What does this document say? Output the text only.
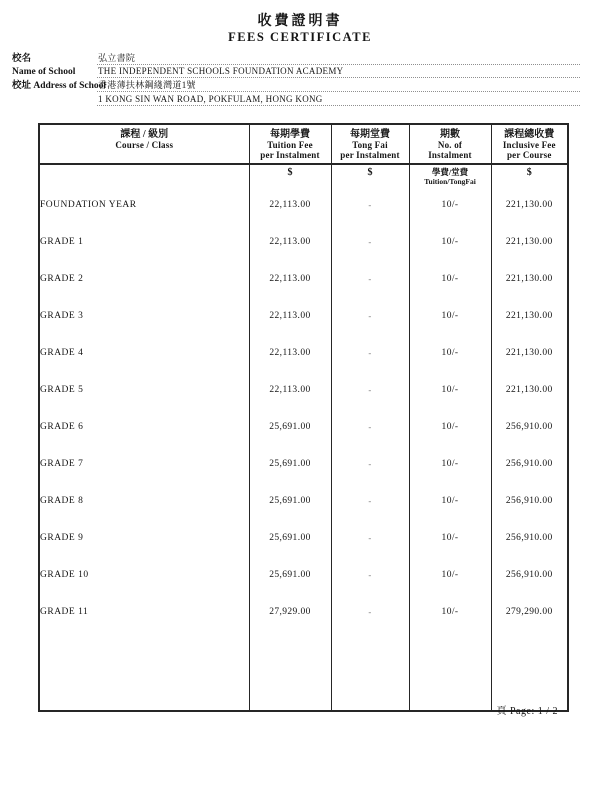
收費證明書
FEES CERTIFICATE
校名	弘立書院
Name of School	THE INDEPENDENT SCHOOLS FOUNDATION ACADEMY
校址 Address of School
香港薄扶林鋼綫灣道1號
1 KONG SIN WAN ROAD, POKFULAM, HONG KONG
課程 / 級別
Course / Class

每期學費
Tuition Fee
per Instalment

每期堂費
Tong Fai
per Instalment

期數
No. of
Instalment

課程總收費
Inclusive Fee
per Course

	$	$	學費/堂費
Tuition/TongFai	$

FOUNDATION YEAR	22,113.00	-	10/-	221,130.00
GRADE 1	22,113.00	-	10/-	221,130.00
GRADE 2	22,113.00	-	10/-	221,130.00
GRADE 3	22,113.00	-	10/-	221,130.00
GRADE 4	22,113.00	-	10/-	221,130.00
GRADE 5	22,113.00	-	10/-	221,130.00
GRADE 6	25,691.00	-	10/-	256,910.00
GRADE 7	25,691.00	-	10/-	256,910.00
GRADE 8	25,691.00	-	10/-	256,910.00
GRADE 9	25,691.00	-	10/-	256,910.00
GRADE 10	25,691.00	-	10/-	256,910.00
GRADE 11	27,929.00	-	10/-	279,290.00

頁 Page: 1 / 2
